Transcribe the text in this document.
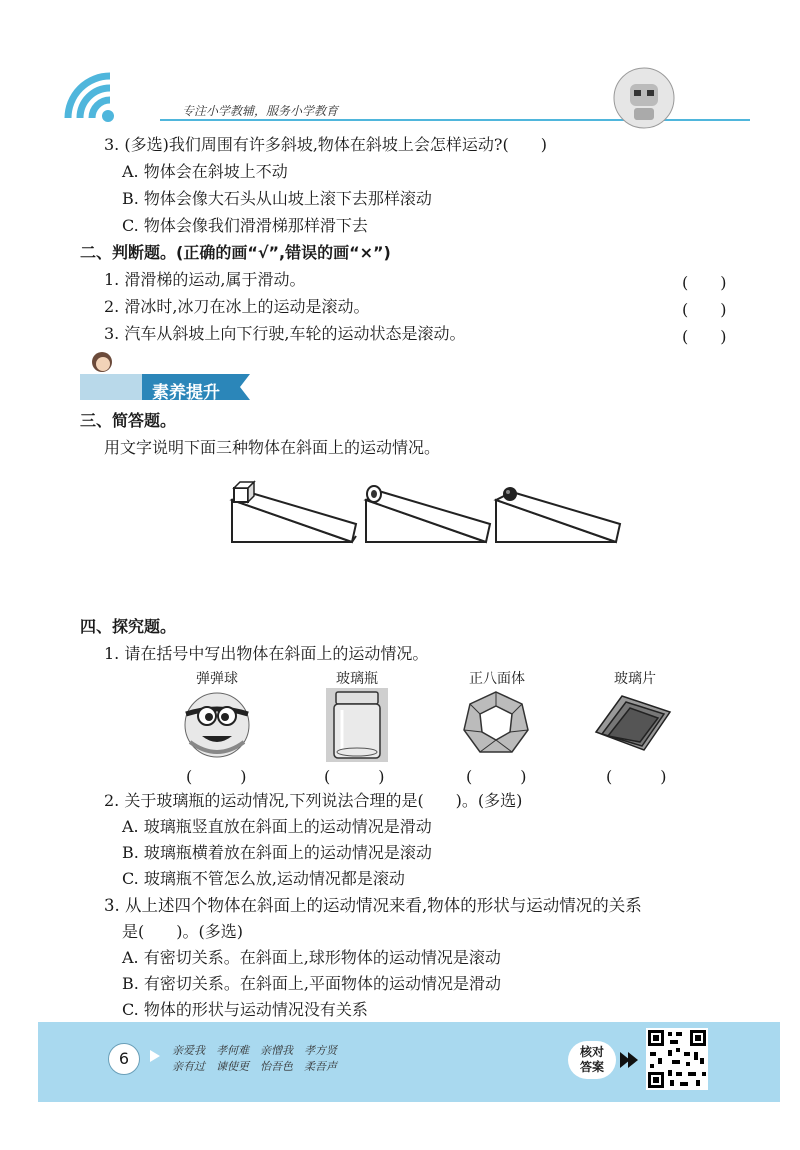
专注小学教辅，服务小学教育
3. (多选)我们周围有许多斜坡,物体在斜坡上会怎样运动?(　　)
A. 物体会在斜坡上不动
B. 物体会像大石头从山坡上滚下去那样滚动
C. 物体会像我们滑滑梯那样滑下去
二、判断题。(正确的画“√”,错误的画“×”)
1. 滑滑梯的运动,属于滑动。	(　　)
2. 滑冰时,冰刀在冰上的运动是滚动。	(　　)
3. 汽车从斜坡上向下行驶,车轮的运动状态是滚动。	(　　)
素养提升
三、简答题。
用文字说明下面三种物体在斜面上的运动情况。
四、探究题。
1. 请在括号中写出物体在斜面上的运动情况。
弹弹球	玻璃瓶	正八面体	玻璃片
(　　　)	(　　　)	(　　　)	(　　　)
2. 关于玻璃瓶的运动情况,下列说法合理的是(　　)。(多选)
A. 玻璃瓶竖直放在斜面上的运动情况是滑动
B. 玻璃瓶横着放在斜面上的运动情况是滚动
C. 玻璃瓶不管怎么放,运动情况都是滚动
3. 从上述四个物体在斜面上的运动情况来看,物体的形状与运动情况的关系
是(　　)。(多选)
A. 有密切关系。在斜面上,球形物体的运动情况是滚动
B. 有密切关系。在斜面上,平面物体的运动情况是滑动
C. 物体的形状与运动情况没有关系
6	亲爱我　孝何难　亲憎我　孝方贤
亲有过　谏使更　怡吾色　柔吾声
核对
答案
